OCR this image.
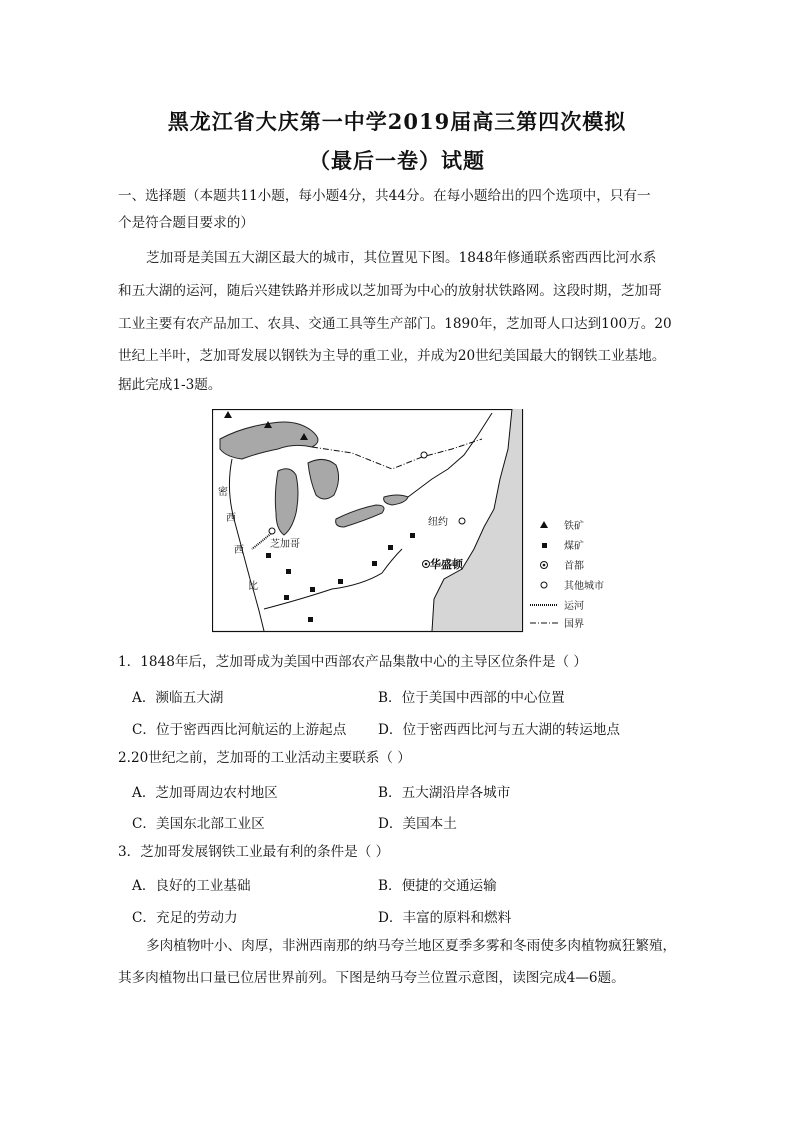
黑龙江省大庆第一中学2019届高三第四次模拟
（最后一卷）试题
一、选择题（本题共11小题，每小题4分，共44分。在每小题给出的四个选项中，只有一
个是符合题目要求的）
芝加哥是美国五大湖区最大的城市，其位置见下图。1848年修通联系密西西比河水系
和五大湖的运河，随后兴建铁路并形成以芝加哥为中心的放射状铁路网。这段时期，芝加哥
工业主要有农产品加工、农具、交通工具等生产部门。1890年，芝加哥人口达到100万。20
世纪上半叶，芝加哥发展以钢铁为主导的重工业，并成为20世纪美国最大的钢铁工业基地。
据此完成1-3题。
密
西
西
比
芝加哥
纽约
华盛顿
铁矿
煤矿
首都
其他城市
运河
国界
1．1848年后，芝加哥成为美国中西部农产品集散中心的主导区位条件是（ ）
A．濒临五大湖	B．位于美国中西部的中心位置
C．位于密西西比河航运的上游起点 D．位于密西西比河与五大湖的转运地点
2.20世纪之前，芝加哥的工业活动主要联系（ ）
A．芝加哥周边农村地区	B．五大湖沿岸各城市
C．美国东北部工业区	D．美国本土
3．芝加哥发展钢铁工业最有利的条件是（ ）
A．良好的工业基础	B．便捷的交通运输
C．充足的劳动力	D．丰富的原料和燃料
多肉植物叶小、肉厚，非洲西南那的纳马夸兰地区夏季多雾和冬雨使多肉植物疯狂繁殖，
其多肉植物出口量已位居世界前列。下图是纳马夸兰位置示意图，读图完成4—6题。
